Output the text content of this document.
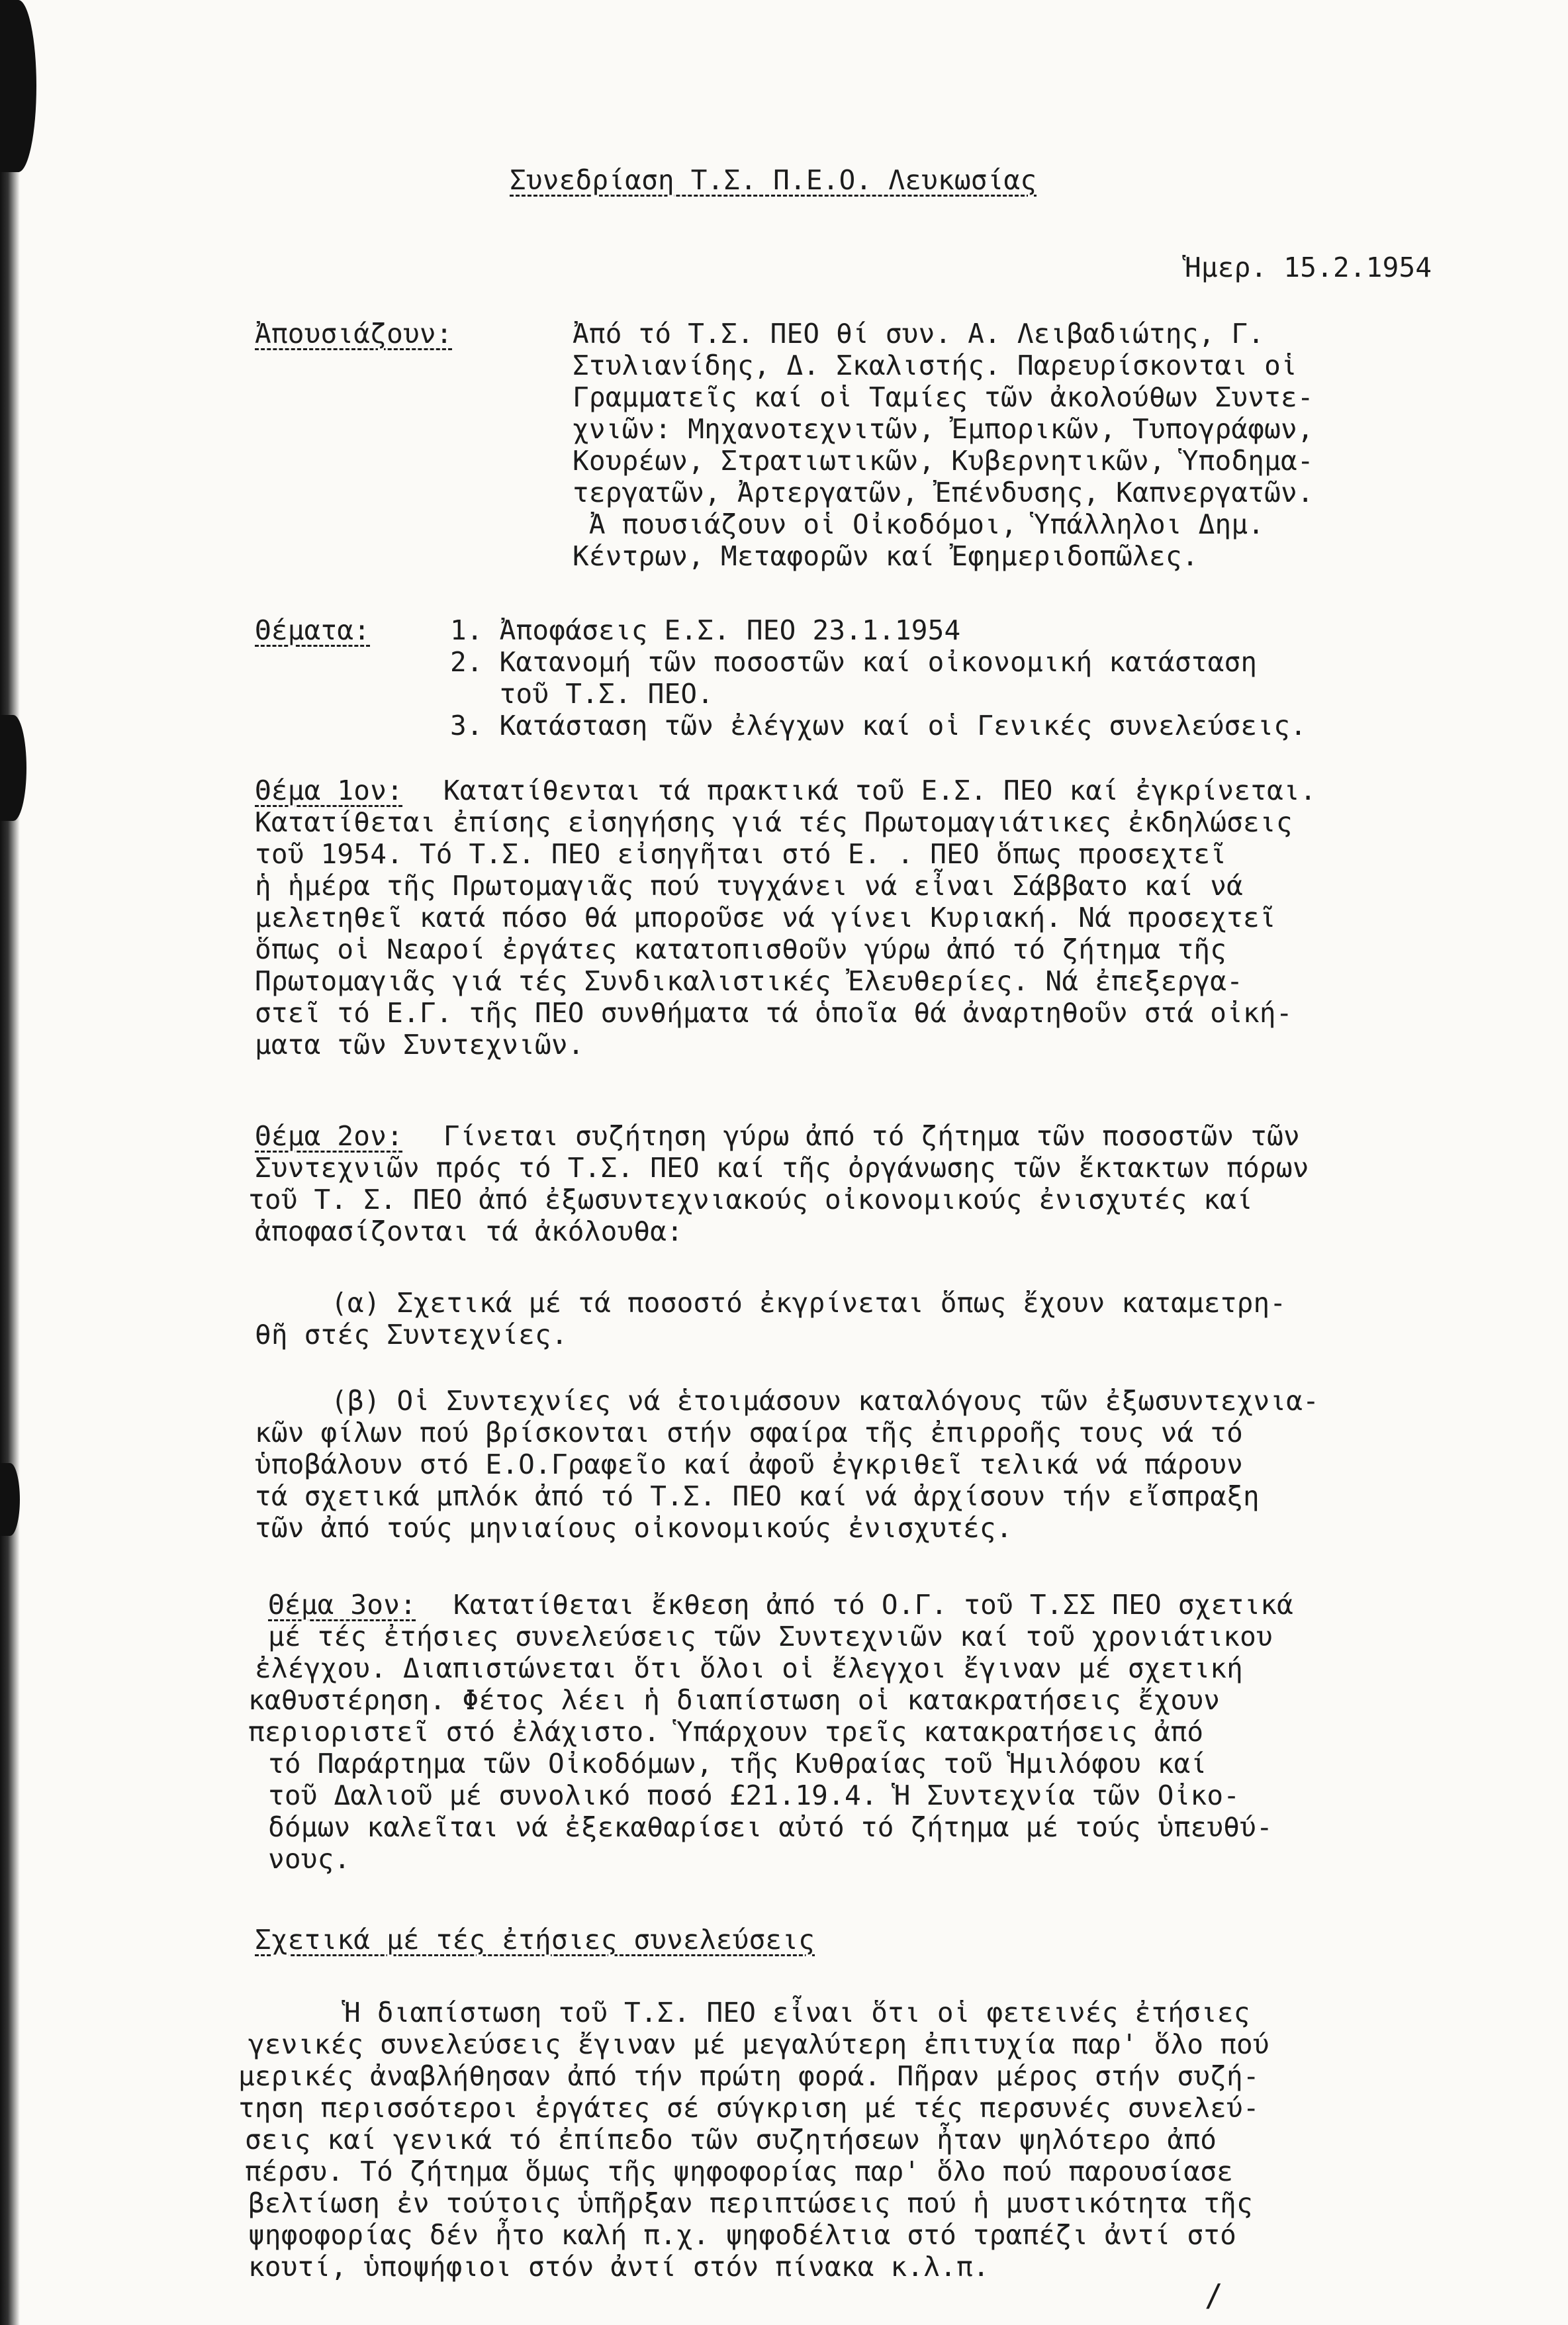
Συνεδρίαση Τ.Σ. Π.Ε.Ο. Λευκωσίας
Ἡμερ. 15.2.1954
Ἀπουσιάζουν:	Ἀπό τό Τ.Σ. ΠΕΟ θί συν. Α. Λειβαδιώτης, Γ.
Στυλιανίδης, Δ. Σκαλιστής. Παρευρίσκονται οἱ
Γραμματεῖς καί οἱ Ταμίες τῶν ἀκολούθων Συντε-
χνιῶν: Μηχανοτεχνιτῶν, Ἐμπορικῶν, Τυπογράφων,
Κουρέων, Στρατιωτικῶν, Κυβερνητικῶν, Ὑποδημα-
τεργατῶν, Ἀρτεργατῶν, Ἐπένδυσης, Καπνεργατῶν.
Ἀ πουσιάζουν οἱ Οἰκοδόμοι, Ὑπάλληλοι Δημ.
Κέντρων, Μεταφορῶν καί Ἐφημεριδοπῶλες.
Θέματα:	1. Ἀποφάσεις Ε.Σ. ΠΕΟ 23.1.1954
2. Κατανομή τῶν ποσοστῶν καί οἰκονομική κατάσταση
τοῦ Τ.Σ. ΠΕΟ.
3. Κατάσταση τῶν ἐλέγχων καί οἱ Γενικές συνελεύσεις.
Θέμα 1ον: Κατατίθενται τά πρακτικά τοῦ Ε.Σ. ΠΕΟ καί ἐγκρίνεται.
Κατατίθεται ἐπίσης εἰσηγήσης γιά τές Πρωτομαγιάτικες ἐκδηλώσεις
τοῦ 1954. Τό Τ.Σ. ΠΕΟ εἰσηγῆται στό Ε. . ΠΕΟ ὅπως προσεχτεῖ
ἡ ἡμέρα τῆς Πρωτομαγιᾶς πού τυγχάνει νά εἶναι Σάββατο καί νά
μελετηθεῖ κατά πόσο θά μποροῦσε νά γίνει Κυριακή. Νά προσεχτεῖ
ὅπως οἱ Νεαροί ἐργάτες κατατοπισθοῦν γύρω ἀπό τό ζήτημα τῆς
Πρωτομαγιᾶς γιά τές Συνδικαλιστικές Ἐλευθερίες. Νά ἐπεξεργα-
στεῖ τό Ε.Γ. τῆς ΠΕΟ συνθήματα τά ὁποῖα θά ἀναρτηθοῦν στά οἰκή-
ματα τῶν Συντεχνιῶν.
Θέμα 2ον: Γίνεται συζήτηση γύρω ἀπό τό ζήτημα τῶν ποσοστῶν τῶν
Συντεχνιῶν πρός τό Τ.Σ. ΠΕΟ καί τῆς ὀργάνωσης τῶν ἔκτακτων πόρων
τοῦ Τ. Σ. ΠΕΟ ἀπό ἐξωσυντεχνιακούς οἰκονομικούς ἐνισχυτές καί
ἀποφασίζονται τά ἀκόλουθα:
(α) Σχετικά μέ τά ποσοστό ἐκγρίνεται ὅπως ἔχουν καταμετρη-
θῆ στές Συντεχνίες.
(β) Οἱ Συντεχνίες νά ἑτοιμάσουν καταλόγους τῶν ἐξωσυντεχνια-
κῶν φίλων πού βρίσκονται στήν σφαίρα τῆς ἐπιρροῆς τους νά τό
ὑποβάλουν στό Ε.Ο.Γραφεῖο καί ἀφοῦ ἐγκριθεῖ τελικά νά πάρουν
τά σχετικά μπλόκ ἀπό τό Τ.Σ. ΠΕΟ καί νά ἀρχίσουν τήν εἴσπραξη
τῶν ἀπό τούς μηνιαίους οἰκονομικούς ἐνισχυτές.
Θέμα 3ον: Κατατίθεται ἔκθεση ἀπό τό Ο.Γ. τοῦ Τ.ΣΣ ΠΕΟ σχετικά
μέ τές ἐτήσιες συνελεύσεις τῶν Συντεχνιῶν καί τοῦ χρονιάτικου
ἐλέγχου. Διαπιστώνεται ὅτι ὅλοι οἱ ἔλεγχοι ἔγιναν μέ σχετική
καθυστέρηση. Φέτος λέει ἡ διαπίστωση οἱ κατακρατήσεις ἔχουν
περιοριστεῖ στό ἐλάχιστο. Ὑπάρχουν τρεῖς κατακρατήσεις ἀπό
τό Παράρτημα τῶν Οἰκοδόμων, τῆς Κυθραίας τοῦ Ἡμιλόφου καί
τοῦ Δαλιοῦ μέ συνολικό ποσό £21.19.4. Ἡ Συντεχνία τῶν Οἰκο-
δόμων καλεῖται νά ἐξεκαθαρίσει αὐτό τό ζήτημα μέ τούς ὑπευθύ-
νους.
Σχετικά μέ τές ἐτήσιες συνελεύσεις
Ἡ διαπίστωση τοῦ Τ.Σ. ΠΕΟ εἶναι ὅτι οἱ φετεινές ἐτήσιες
γενικές συνελεύσεις ἔγιναν μέ μεγαλύτερη ἐπιτυχία παρ' ὅλο πού
μερικές ἀναβλήθησαν ἀπό τήν πρώτη φορά. Πῆραν μέρος στήν συζή-
τηση περισσότεροι ἐργάτες σέ σύγκριση μέ τές περσυνές συνελεύ-
σεις καί γενικά τό ἐπίπεδο τῶν συζητήσεων ἦταν ψηλότερο ἀπό
πέρσυ. Τό ζήτημα ὅμως τῆς ψηφοφορίας παρ' ὅλο πού παρουσίασε
βελτίωση ἐν τούτοις ὑπῆρξαν περιπτώσεις πού ἡ μυστικότητα τῆς
ψηφοφορίας δέν ἦτο καλή π.χ. ψηφοδέλτια στό τραπέζι ἀντί στό
κουτί, ὑποψήφιοι στόν ἀντί στόν πίνακα κ.λ.π.
/
